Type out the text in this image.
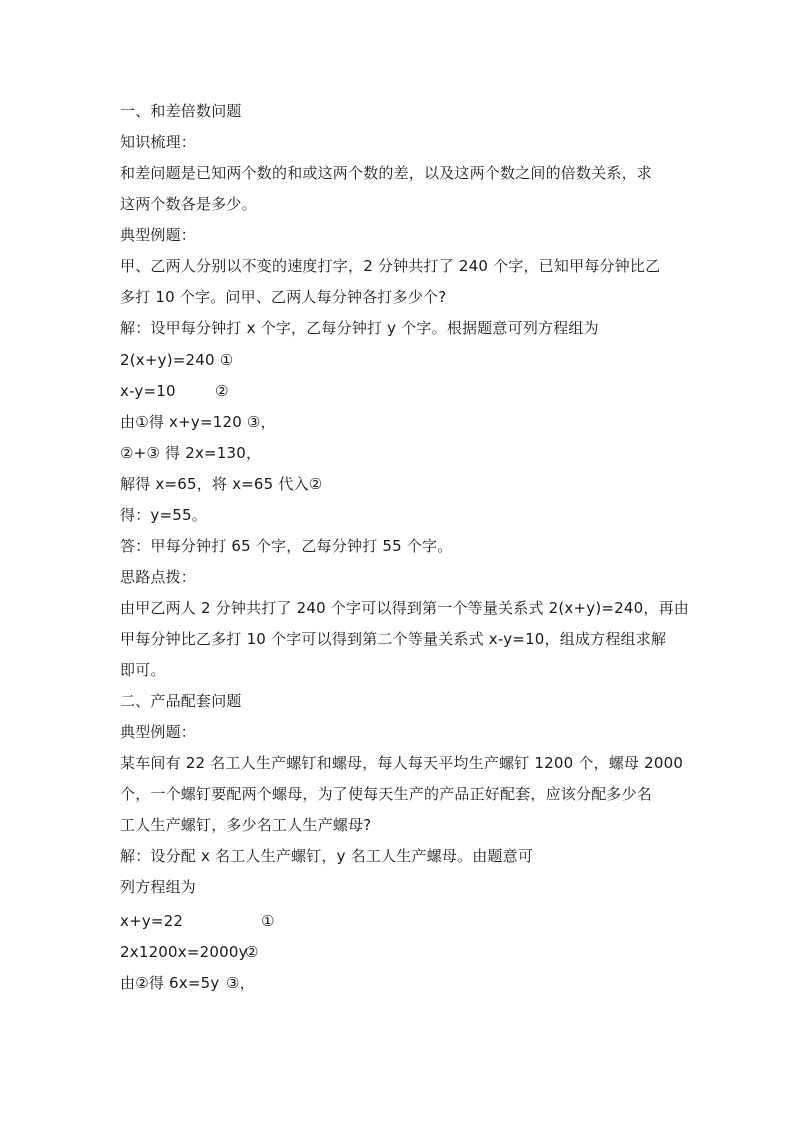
一、和差倍数问题
知识梳理：
和差问题是已知两个数的和或这两个数的差，以及这两个数之间的倍数关系，求
这两个数各是多少。
典型例题：
甲、乙两人分别以不变的速度打字，2 分钟共打了 240 个字，已知甲每分钟比乙
多打 10 个字。问甲、乙两人每分钟各打多少个?
解：设甲每分钟打 x 个字，乙每分钟打 y 个字。根据题意可列方程组为
2(x+y)=240 ①
x-y=10	②
由①得 x+y=120 ③，
②+③ 得 2x=130，
解得 x=65，将 x=65 代入②
得：y=55。
答：甲每分钟打 65 个字，乙每分钟打 55 个字。
思路点拨：
由甲乙两人 2 分钟共打了 240 个字可以得到第一个等量关系式 2(x+y)=240，再由
甲每分钟比乙多打 10 个字可以得到第二个等量关系式 x-y=10，组成方程组求解
即可。
二、产品配套问题
典型例题：
某车间有 22 名工人生产螺钉和螺母，每人每天平均生产螺钉 1200 个，螺母 2000
个，一个螺钉要配两个螺母，为了使每天生产的产品正好配套，应该分配多少名
工人生产螺钉，多少名工人生产螺母?
解：设分配 x 名工人生产螺钉，y 名工人生产螺母。由题意可
列方程组为
x+y=22	①
2x1200x=2000y②
由②得 6x=5y ③，
